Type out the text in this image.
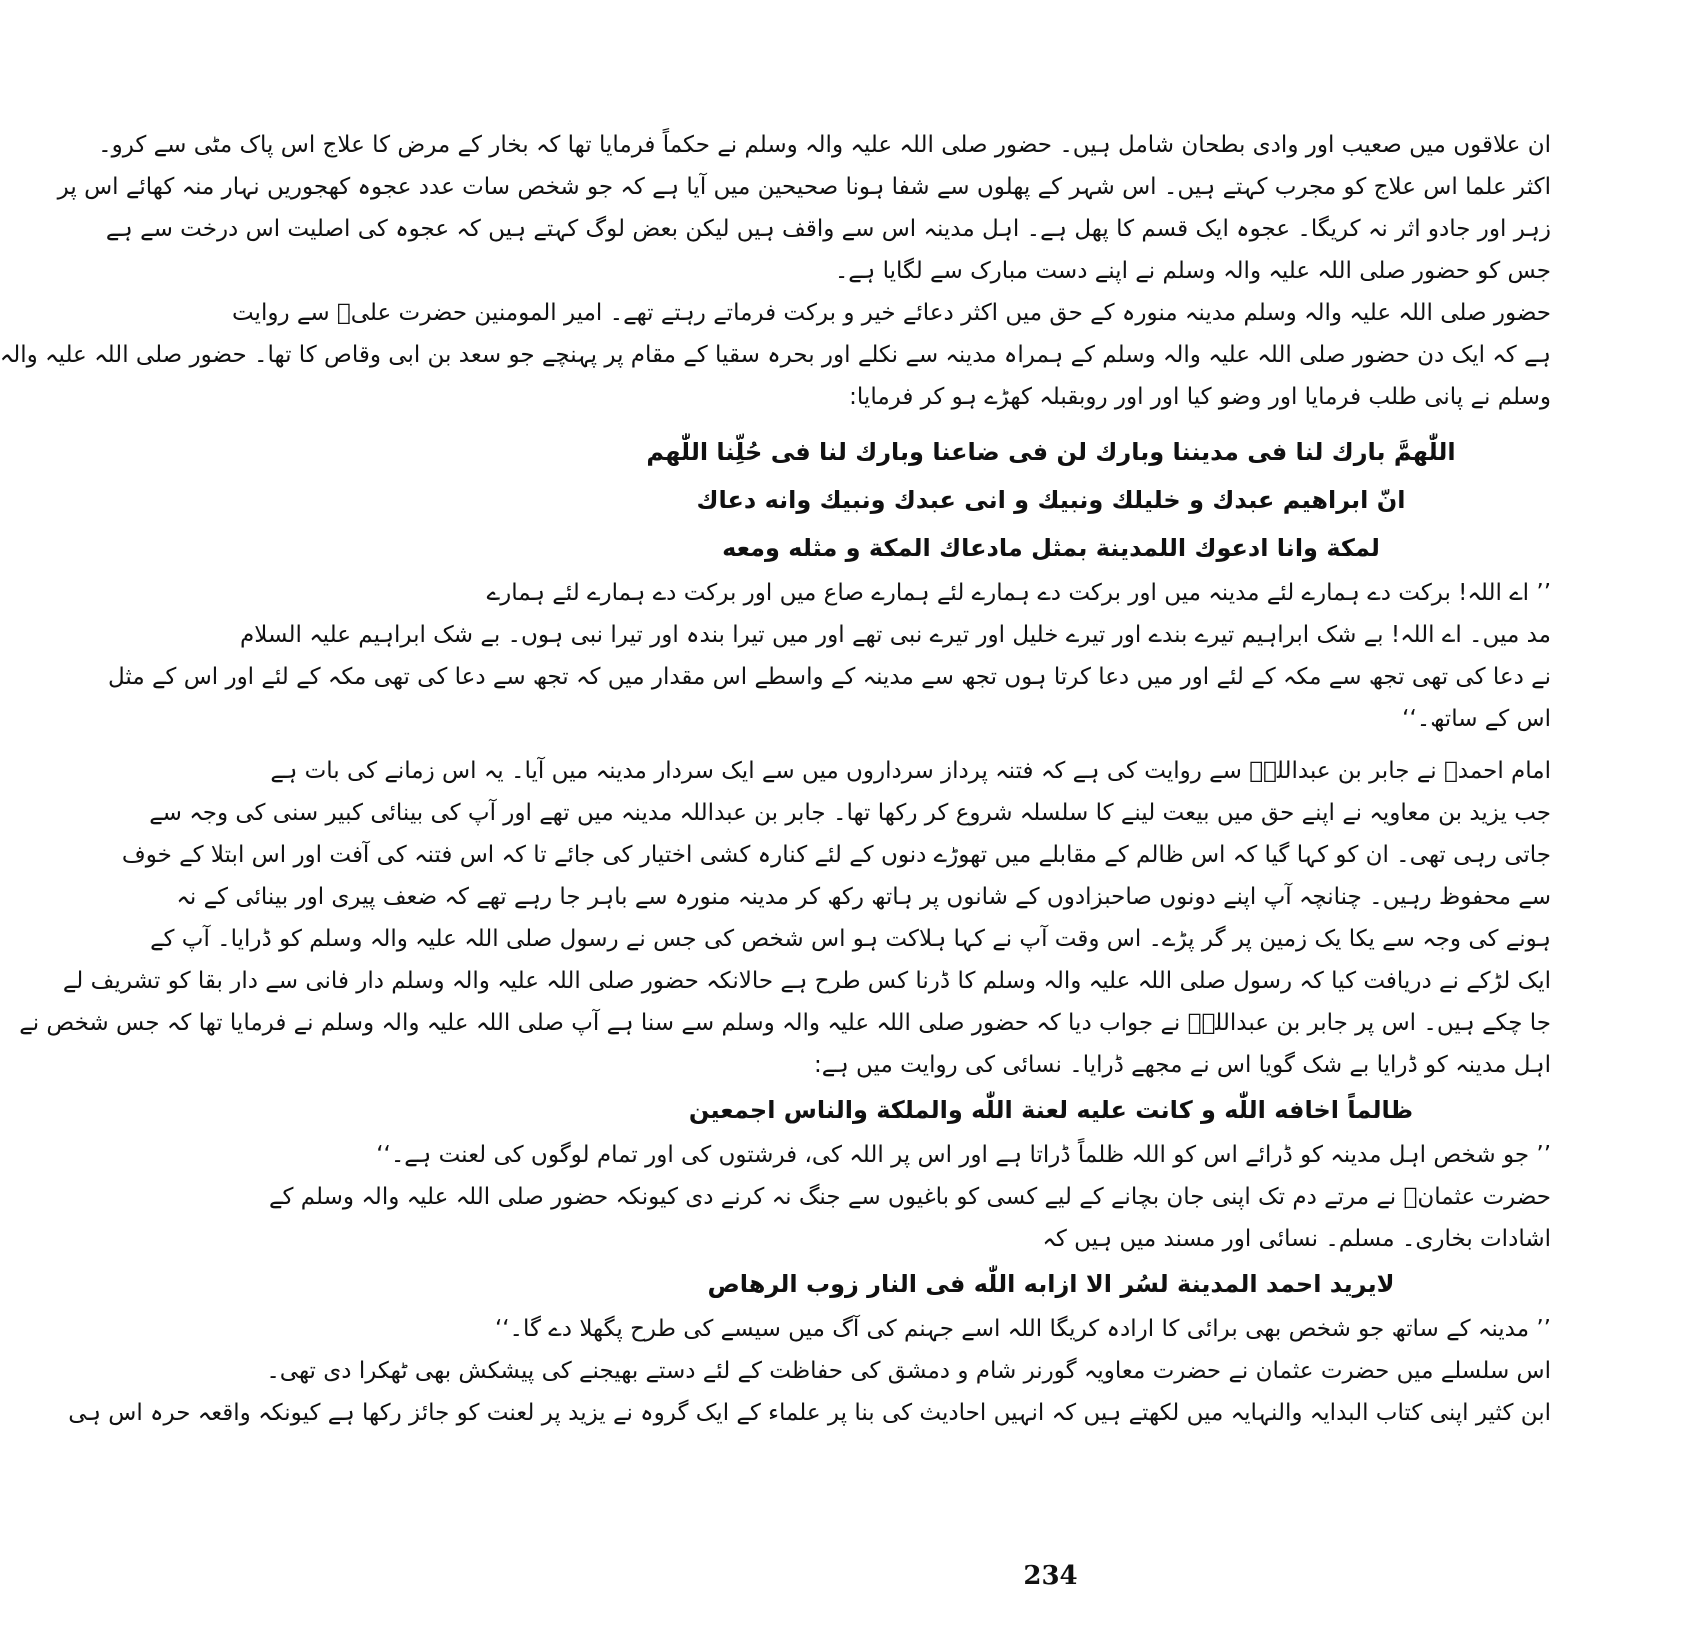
ان علاقوں میں صعیب اور وادی بطحان شامل ہیں۔ حضور صلی اللہ علیہ والہ وسلم نے حکماً فرمایا تھا کہ بخار کے مرض کا علاج اس پاک مٹی سے کرو۔
اکثر علما اس علاج کو مجرب کہتے ہیں۔ اس شہر کے پھلوں سے شفا ہونا صحیحین میں آیا ہے کہ جو شخص سات عدد عجوہ کھجوریں نہار منہ کھائے اس پر
زہر اور جادو اثر نہ کریگا۔ عجوہ ایک قسم کا پھل ہے۔ اہل مدینہ اس سے واقف ہیں لیکن بعض لوگ کہتے ہیں کہ عجوہ کی اصلیت اس درخت سے ہے
جس کو حضور صلی اللہ علیہ والہ وسلم نے اپنے دست مبارک سے لگایا ہے۔
حضور صلی اللہ علیہ والہ وسلم مدینہ منورہ کے حق میں اکثر دعائے خیر و برکت فرماتے رہتے تھے۔ امیر المومنین حضرت علیؓ سے روایت
ہے کہ ایک دن حضور صلی اللہ علیہ والہ وسلم کے ہمراہ مدینہ سے نکلے اور بحرہ سقیا کے مقام پر پہنچے جو سعد بن ابی وقاص کا تھا۔ حضور صلی اللہ علیہ والہ
وسلم نے پانی طلب فرمایا اور وضو کیا اور اور روبقبلہ کھڑے ہو کر فرمایا:
اللّٰھمَّ بارك لنا فی مدیننا وبارك لن فی ضاعنا وبارك لنا فی حُلِّنا اللّٰھم
انّ ابراھیم عبدك و خلیلك ونبیك و انی عبدك ونبیك وانه دعاك
لمکة وانا ادعوك اللمدینة بمثل مادعاك المکة و مثله ومعه
’’ اے اللہ! برکت دے ہمارے لئے مدینہ میں اور برکت دے ہمارے لئے ہمارے صاع میں اور برکت دے ہمارے لئے ہمارے
مد میں۔ اے اللہ! بے شک ابراہیم تیرے بندے اور تیرے خلیل اور تیرے نبی تھے اور میں تیرا بندہ اور تیرا نبی ہوں۔ بے شک ابراہیم علیہ السلام
نے دعا کی تھی تجھ سے مکہ کے لئے اور میں دعا کرتا ہوں تجھ سے مدینہ کے واسطے اس مقدار میں کہ تجھ سے دعا کی تھی مکہ کے لئے اور اس کے مثل
اس کے ساتھ۔‘‘
امام احمدؒ نے جابر بن عبداللہؓ سے روایت کی ہے کہ فتنہ پرداز سرداروں میں سے ایک سردار مدینہ میں آیا۔ یہ اس زمانے کی بات ہے
جب یزید بن معاویہ نے اپنے حق میں بیعت لینے کا سلسلہ شروع کر رکھا تھا۔ جابر بن عبداللہ مدینہ میں تھے اور آپ کی بینائی کبیر سنی کی وجہ سے
جاتی رہی تھی۔ ان کو کہا گیا کہ اس ظالم کے مقابلے میں تھوڑے دنوں کے لئے کنارہ کشی اختیار کی جائے تا کہ اس فتنہ کی آفت اور اس ابتلا کے خوف
سے محفوظ رہیں۔ چنانچہ آپ اپنے دونوں صاحبزادوں کے شانوں پر ہاتھ رکھ کر مدینہ منورہ سے باہر جا رہے تھے کہ ضعف پیری اور بینائی کے نہ
ہونے کی وجہ سے یکا یک زمین پر گر پڑے۔ اس وقت آپ نے کہا ہلاکت ہو اس شخص کی جس نے رسول صلی اللہ علیہ والہ وسلم کو ڈرایا۔ آپ کے
ایک لڑکے نے دریافت کیا کہ رسول صلی اللہ علیہ والہ وسلم کا ڈرنا کس طرح ہے حالانکہ حضور صلی اللہ علیہ والہ وسلم دار فانی سے دار بقا کو تشریف لے
جا چکے ہیں۔ اس پر جابر بن عبداللہؓ نے جواب دیا کہ حضور صلی اللہ علیہ والہ وسلم سے سنا ہے آپ صلی اللہ علیہ والہ وسلم نے فرمایا تھا کہ جس شخص نے
اہل مدینہ کو ڈرایا بے شک گویا اس نے مجھے ڈرایا۔ نسائی کی روایت میں ہے:
ظالماً اخافه اللّٰه و کانت علیه لعنة اللّٰه والملکة والناس اجمعین
’’ جو شخص اہل مدینہ کو ڈرائے اس کو اللہ ظلماً ڈراتا ہے اور اس پر اللہ کی، فرشتوں کی اور تمام لوگوں کی لعنت ہے۔‘‘
حضرت عثمانؓ نے مرتے دم تک اپنی جان بچانے کے لیے کسی کو باغیوں سے جنگ نہ کرنے دی کیونکہ حضور صلی اللہ علیہ والہ وسلم کے
اشادات بخاری۔ مسلم۔ نسائی اور مسند میں ہیں کہ
لایرید احمد المدینة لسُر الا ازابه اللّٰه فی النار زوب الرھاص
’’ مدینہ کے ساتھ جو شخص بھی برائی کا ارادہ کریگا اللہ اسے جہنم کی آگ میں سیسے کی طرح پگھلا دے گا۔‘‘
اس سلسلے میں حضرت عثمان نے حضرت معاویہ گورنر شام و دمشق کی حفاظت کے لئے دستے بھیجنے کی پیشکش بھی ٹھکرا دی تھی۔
ابن کثیر اپنی کتاب البدایہ والنہایہ میں لکھتے ہیں کہ انہیں احادیث کی بنا پر علماء کے ایک گروہ نے یزید پر لعنت کو جائز رکھا ہے کیونکہ واقعہ حرہ اس ہی
234
